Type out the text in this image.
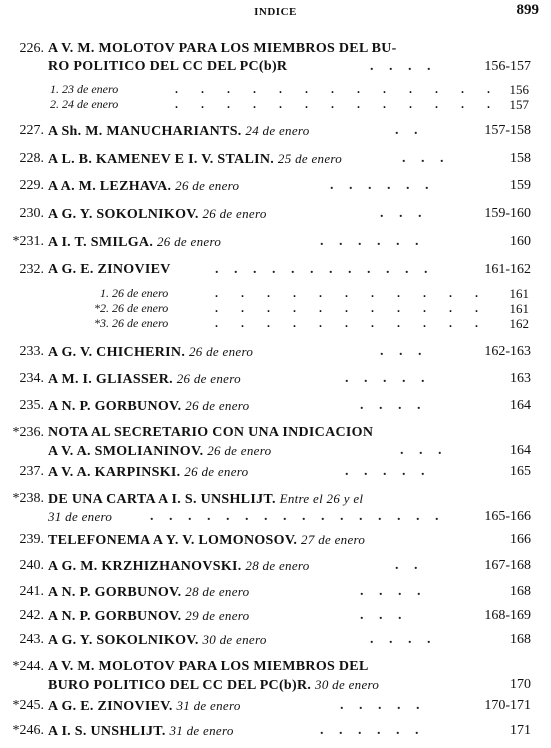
INDICE	899
226. A V. M. MOLOTOV PARA LOS MIEMBROS DEL BU-
RO POLITICO DEL CC DEL PC(b)R	. . . .	156-157
1. 23 de enero	. . . . . . . . . . . . . 156
2. 24 de enero	. . . . . . . . . . . . . 157
227. A Sh. M. MANUCHARIANTS. 24 de enero	. .	157-158
228. A L. B. KAMENEV E I. V. STALIN. 25 de enero	. . .	158
229. A A. M. LEZHAVA. 26 de enero	. . . . . .	159
230. A G. Y. SOKOLNIKOV. 26 de enero	. . .	159-160
*231. A I. T. SMILGA. 26 de enero	. . . . . .	160
232. A G. E. ZINOVIEV	. . . . . . . . . . . .	161-162
1. 26 de enero	. . . . . . . . . . . 161
*2. 26 de enero	. . . . . . . . . . . 161
*3. 26 de enero	. . . . . . . . . . . 162
233. A G. V. CHICHERIN. 26 de enero	. . .	162-163
234. A M. I. GLIASSER. 26 de enero	. . . . .	163
235. A N. P. GORBUNOV. 26 de enero	. . . .	164
*236. NOTA AL SECRETARIO CON UNA INDICACION
A V. A. SMOLIANINOV. 26 de enero	. . .	164
237. A V. A. KARPINSKI. 26 de enero	. . . . .	165
*238. DE UNA CARTA A I. S. UNSHLIJT. Entre el 26 y el
31 de enero	. . . . . . . . . . . . . . . .	165-166
239. TELEFONEMA A Y. V. LOMONOSOV. 27 de enero	166
240. A G. M. KRZHIZHANOVSKI. 28 de enero	. .	167-168
241. A N. P. GORBUNOV. 28 de enero	. . . .	168
242. A N. P. GORBUNOV. 29 de enero	. . .	168-169
243. A G. Y. SOKOLNIKOV. 30 de enero	. . . .	168
*244. A V. M. MOLOTOV PARA LOS MIEMBROS DEL
BURO POLITICO DEL CC DEL PC(b)R. 30 de enero	170
*245. A G. E. ZINOVIEV. 31 de enero	. . . . .	170-171
*246. A I. S. UNSHLIJT. 31 de enero	. . . . . .	171
